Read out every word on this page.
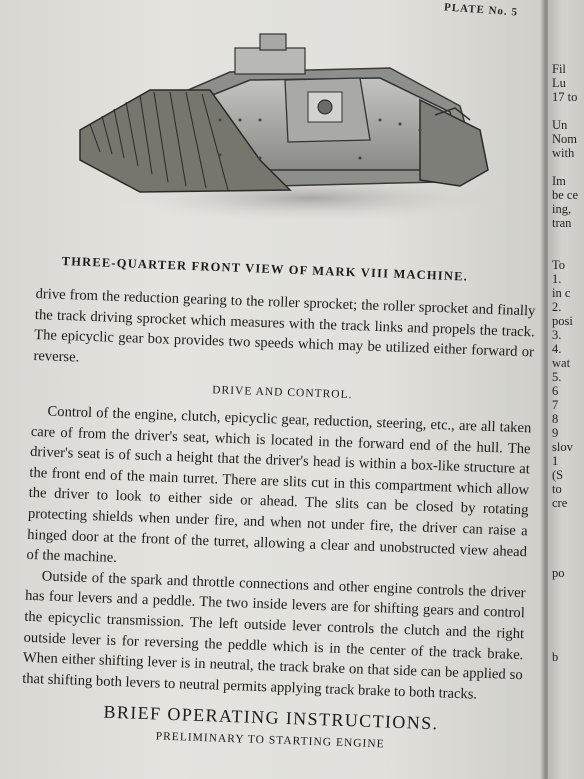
PLATE No. 5
THREE-QUARTER FRONT VIEW OF MARK VIII MACHINE.

drive from the reduction gearing to the roller sprocket; the roller sprocket and finally the track driving sprocket which measures with the track links and propels the track. The epicyclic gear box provides two speeds which may be utilized either forward or reverse.

DRIVE AND CONTROL.

Control of the engine, clutch, epicyclic gear, reduction, steering, etc., are all taken care of from the driver's seat, which is located in the forward end of the hull. The driver's seat is of such a height that the driver's head is within a box-like structure at the front end of the main turret. There are slits cut in this compartment which allow the driver to look to either side or ahead. The slits can be closed by rotating protecting shields when under fire, and when not under fire, the driver can raise a hinged door at the front of the turret, allowing a clear and unobstructed view ahead of the machine.

Outside of the spark and throttle connections and other engine controls the driver has four levers and a peddle. The two inside levers are for shifting gears and control the epicyclic transmission. The left outside lever controls the clutch and the right outside lever is for reversing the peddle which is in the center of the track brake. When either shifting lever is in neutral, the track brake on that side can be applied so that shifting both levers to neutral permits applying track brake to both tracks.

BRIEF OPERATING INSTRUCTIONS.
PRELIMINARY TO STARTING ENGINE
Fil
Lu
17 to

Un
Nom
with

Im
be ce
ing,
tran

To
1.
in c
2.
posi
3.
4.
wat
5.
6
7
8
9
slov
1
(S
to
cre

po

b
